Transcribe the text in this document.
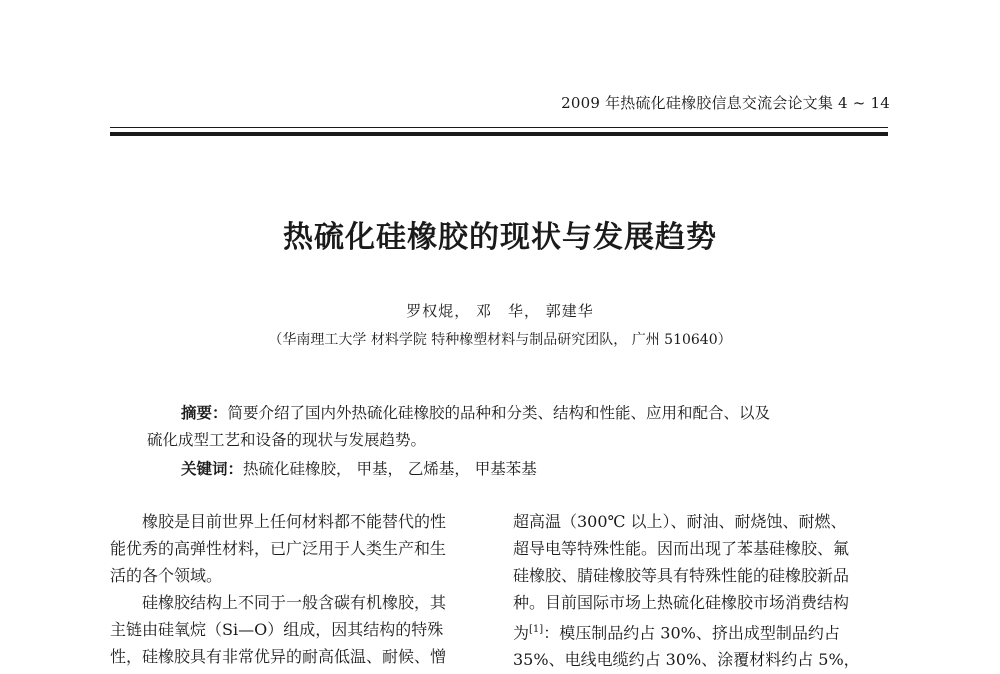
2009 年热硫化硅橡胶信息交流会论文集 4 ~ 14
热硫化硅橡胶的现状与发展趋势
罗权焜， 邓　华， 郭建华
（华南理工大学 材料学院 特种橡塑材料与制品研究团队， 广州 510640）
摘要：简要介绍了国内外热硫化硅橡胶的品种和分类、结构和性能、应用和配合、以及
硫化成型工艺和设备的现状与发展趋势。
关键词：热硫化硅橡胶， 甲基， 乙烯基， 甲基苯基

橡胶是目前世界上任何材料都不能替代的性
能优秀的高弹性材料，已广泛用于人类生产和生
活的各个领域。

硅橡胶结构上不同于一般含碳有机橡胶，其
主链由硅氧烷（Si—O）组成，因其结构的特殊
性，硅橡胶具有非常优异的耐高低温、耐候、憎

超高温（300℃ 以上）、耐油、耐烧蚀、耐燃、
超导电等特殊性能。因而出现了苯基硅橡胶、氟
硅橡胶、腈硅橡胶等具有特殊性能的硅橡胶新品
种。目前国际市场上热硫化硅橡胶市场消费结构
为[1]：模压制品约占 30%、挤出成型制品约占
35%、电线电缆约占 30%、涂覆材料约占 5%，
